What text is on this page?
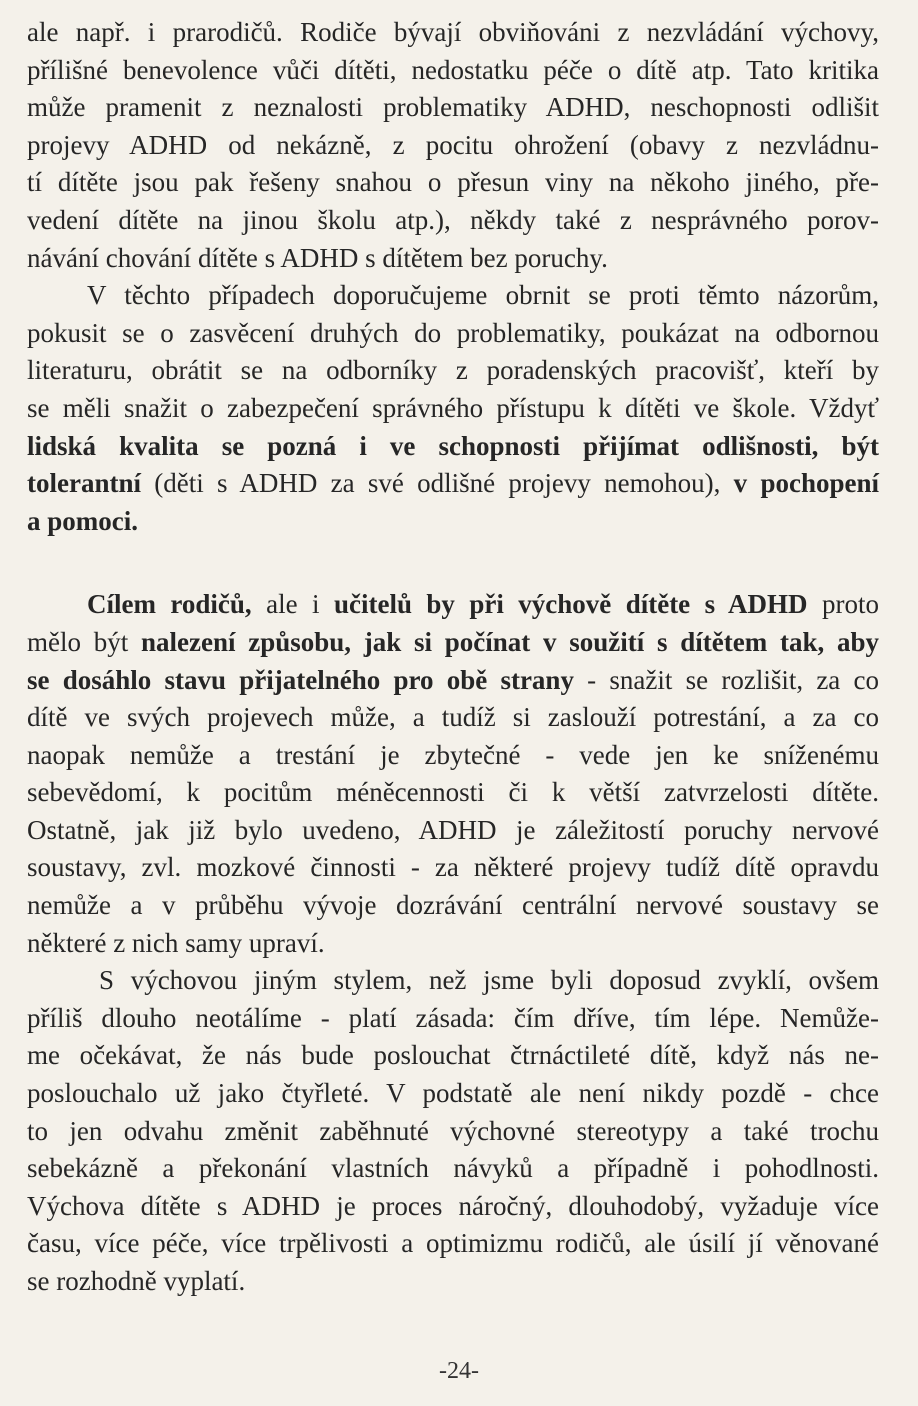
ale např. i prarodičů. Rodiče bývají obviňováni z nezvládání výchovy,
přílišné benevolence vůči dítěti, nedostatku péče o dítě atp. Tato kritika
může pramenit z neznalosti problematiky ADHD, neschopnosti odlišit
projevy ADHD od nekázně, z pocitu ohrožení (obavy z nezvládnu-
tí dítěte jsou pak řešeny snahou o přesun viny na někoho jiného, pře-
vedení dítěte na jinou školu atp.), někdy také z nesprávného porov-
návání chování dítěte s ADHD s dítětem bez poruchy.
V těchto případech doporučujeme obrnit se proti těmto názorům,
pokusit se o zasvěcení druhých do problematiky, poukázat na odbornou
literaturu, obrátit se na odborníky z poradenských pracovišť, kteří by
se měli snažit o zabezpečení správného přístupu k dítěti ve škole. Vždyť
lidská kvalita se pozná i ve schopnosti přijímat odlišnosti, být
tolerantní (děti s ADHD za své odlišné projevy nemohou), v pochopení
a pomoci.
Cílem rodičů, ale i učitelů by při výchově dítěte s ADHD proto
mělo být nalezení způsobu, jak si počínat v soužití s dítětem tak, aby
se dosáhlo stavu přijatelného pro obě strany - snažit se rozlišit, za co
dítě ve svých projevech může, a tudíž si zaslouží potrestání, a za co
naopak nemůže a trestání je zbytečné - vede jen ke sníženému
sebevědomí, k pocitům méněcennosti či k větší zatvrzelosti dítěte.
Ostatně, jak již bylo uvedeno, ADHD je záležitostí poruchy nervové
soustavy, zvl. mozkové činnosti - za některé projevy tudíž dítě opravdu
nemůže a v průběhu vývoje dozrávání centrální nervové soustavy se
některé z nich samy upraví.
S výchovou jiným stylem, než jsme byli doposud zvyklí, ovšem
příliš dlouho neotálíme - platí zásada: čím dříve, tím lépe. Nemůže-
me očekávat, že nás bude poslouchat čtrnáctileté dítě, když nás ne-
poslouchalo už jako čtyřleté. V podstatě ale není nikdy pozdě - chce
to jen odvahu změnit zaběhnuté výchovné stereotypy a také trochu
sebekázně a překonání vlastních návyků a případně i pohodlnosti.
Výchova dítěte s ADHD je proces náročný, dlouhodobý, vyžaduje více
času, více péče, více trpělivosti a optimizmu rodičů, ale úsilí jí věnované
se rozhodně vyplatí.
-24-
